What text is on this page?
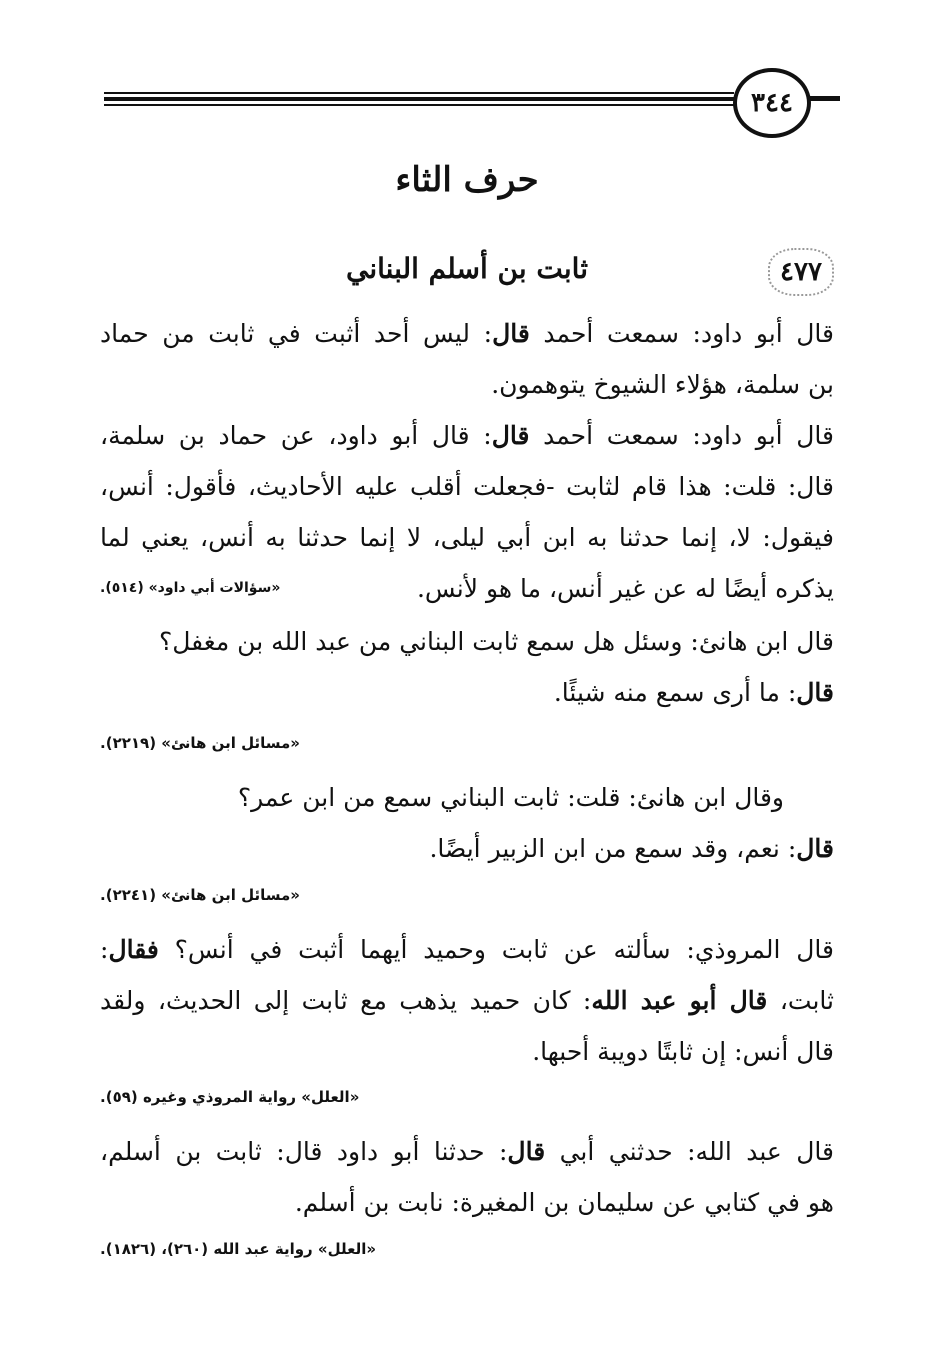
٣٤٤
حرف الثاء
٤٧٧
ثابت بن أسلم البناني
قال أبو داود: سمعت أحمد قال: ليس أحد أثبت في ثابت من حماد
بن سلمة، هؤلاء الشيوخ يتوهمون.
قال أبو داود: سمعت أحمد قال: قال أبو داود، عن حماد بن سلمة،
قال: قلت: هذا قام لثابت -فجعلت أقلب عليه الأحاديث، فأقول: أنس،
فيقول: لا، إنما حدثنا به ابن أبي ليلى، لا إنما حدثنا به أنس، يعني لما
يذكره أيضًا له عن غير أنس، ما هو لأنس.
«سؤالات أبي داود» (٥١٤).
قال ابن هانئ: وسئل هل سمع ثابت البناني من عبد الله بن مغفل؟
قال: ما أرى سمع منه شيئًا.
«مسائل ابن هانئ» (٢٢١٩).
وقال ابن هانئ: قلت: ثابت البناني سمع من ابن عمر؟
قال: نعم، وقد سمع من ابن الزبير أيضًا.
«مسائل ابن هانئ» (٢٢٤١).
قال المروذي: سألته عن ثابت وحميد أيهما أثبت في أنس؟ فقال:
ثابت، قال أبو عبد الله: كان حميد يذهب مع ثابت إلى الحديث، ولقد
قال أنس: إن ثابتًا دويبة أحبها.
«العلل» رواية المروذي وغيره (٥٩).
قال عبد الله: حدثني أبي قال: حدثنا أبو داود قال: ثابت بن أسلم،
هو في كتابي عن سليمان بن المغيرة: نابت بن أسلم.
«العلل» رواية عبد الله (٢٦٠)، (١٨٢٦).
